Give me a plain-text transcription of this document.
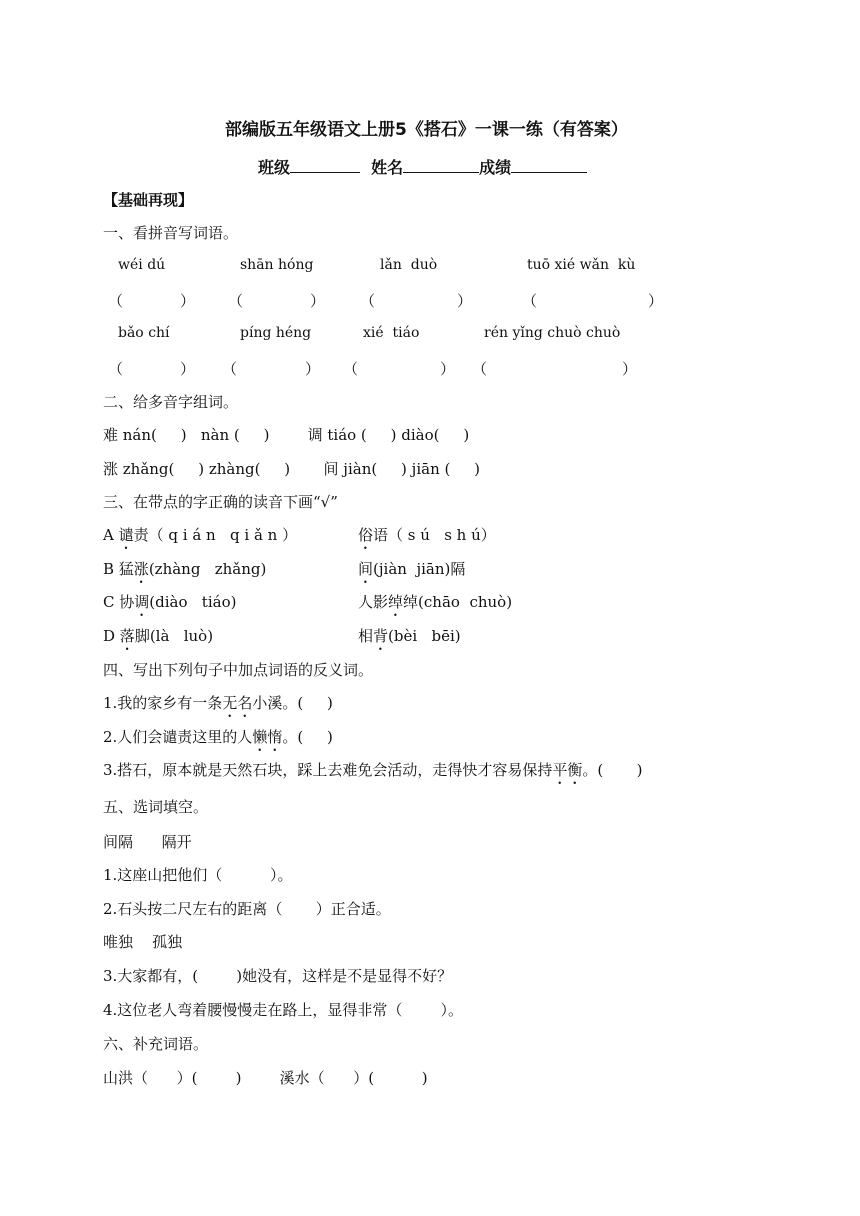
部编版五年级语文上册5《搭石》一课一练（有答案）
班级	姓名	成绩
【基础再现】
一、看拼音写词语。
wéi dú	shān hóng	lǎn  duò	tuō xié wǎn  kù
（	） （	） （	）	（	）
bǎo chí	píng héng	xié  tiáo	rén yǐng chuò chuò
（	） （	） （	） （	）
二、给多音字组词。
难 nán(     )   nàn (     )        调 tiáo (     ) diào(     )
涨 zhǎng(     ) zhàng(     )       间 jiàn(     ) jiān (     )
三、在带点的字正确的读音下画“√”
A 谴责（ q i á n   q i ǎ n ）	俗语（ s ú   s h ú）
B 猛涨(zhàng   zhǎng)	间(jiàn  jiān)隔
C 协调(diào   tiáo)	人影绰绰(chāo  chuò)
D 落脚(là   luò)	相背(bèi   bēi)
四、写出下列句子中加点词语的反义词。
1.我的家乡有一条无名小溪。(     )
2.人们会谴责这里的人懒惰。(     )
3.搭石，原本就是天然石块，踩上去难免会活动，走得快才容易保持平衡。(       )
五、选词填空。
间隔      隔开
1.这座山把他们（          ）。
2.石头按二尺左右的距离（       ）正合适。
唯独    孤独
3.大家都有，(        )她没有，这样是不是显得不好？
4.这位老人弯着腰慢慢走在路上，显得非常（        ）。
六、补充词语。
山洪（      ）(        )        溪水（      ）(          )
